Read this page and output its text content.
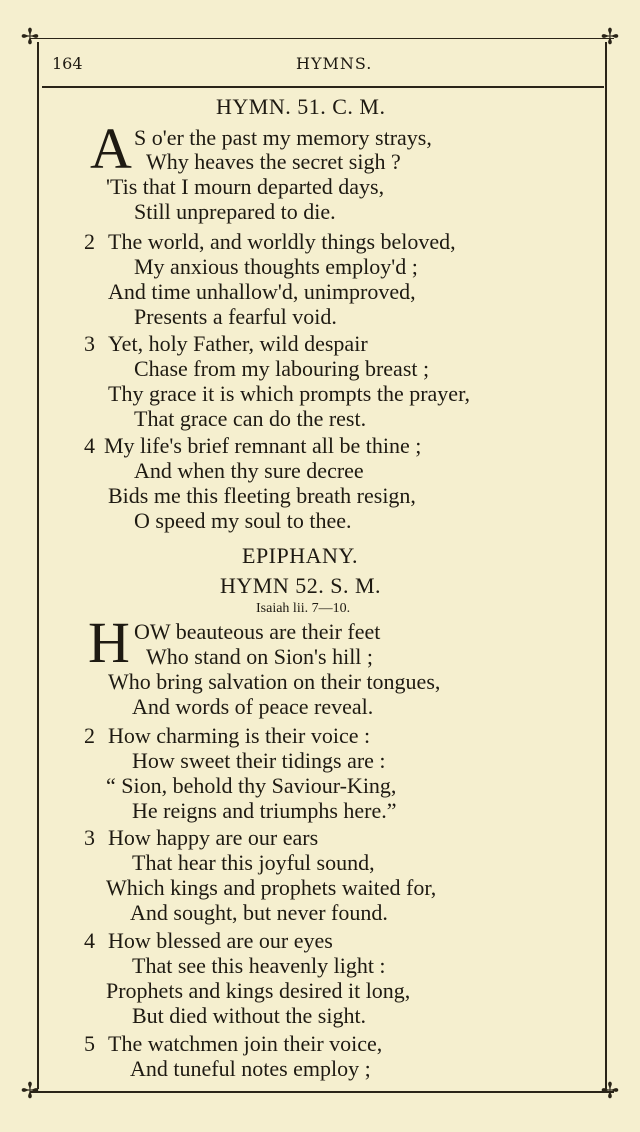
✢	✢
✢	✢
164	HYMNS.
HYMN. 51. C. M.
A S o'er the past my memory strays,
Why heaves the secret sigh ?
'Tis that I mourn departed days,
Still unprepared to die.
2 The world, and worldly things beloved,
My anxious thoughts employ'd ;
And time unhallow'd, unimproved,
Presents a fearful void.
3 Yet, holy Father, wild despair
Chase from my labouring breast ;
Thy grace it is which prompts the prayer,
That grace can do the rest.
4 My life's brief remnant all be thine ;
And when thy sure decree
Bids me this fleeting breath resign,
O speed my soul to thee.
EPIPHANY.
HYMN 52. S. M.
Isaiah lii. 7—10.
H OW beauteous are their feet
Who stand on Sion's hill ;
Who bring salvation on their tongues,
And words of peace reveal.
2 How charming is their voice :
How sweet their tidings are :
“ Sion, behold thy Saviour-King,
He reigns and triumphs here.”
3 How happy are our ears
That hear this joyful sound,
Which kings and prophets waited for,
And sought, but never found.
4 How blessed are our eyes
That see this heavenly light :
Prophets and kings desired it long,
But died without the sight.
5 The watchmen join their voice,
And tuneful notes employ ;
